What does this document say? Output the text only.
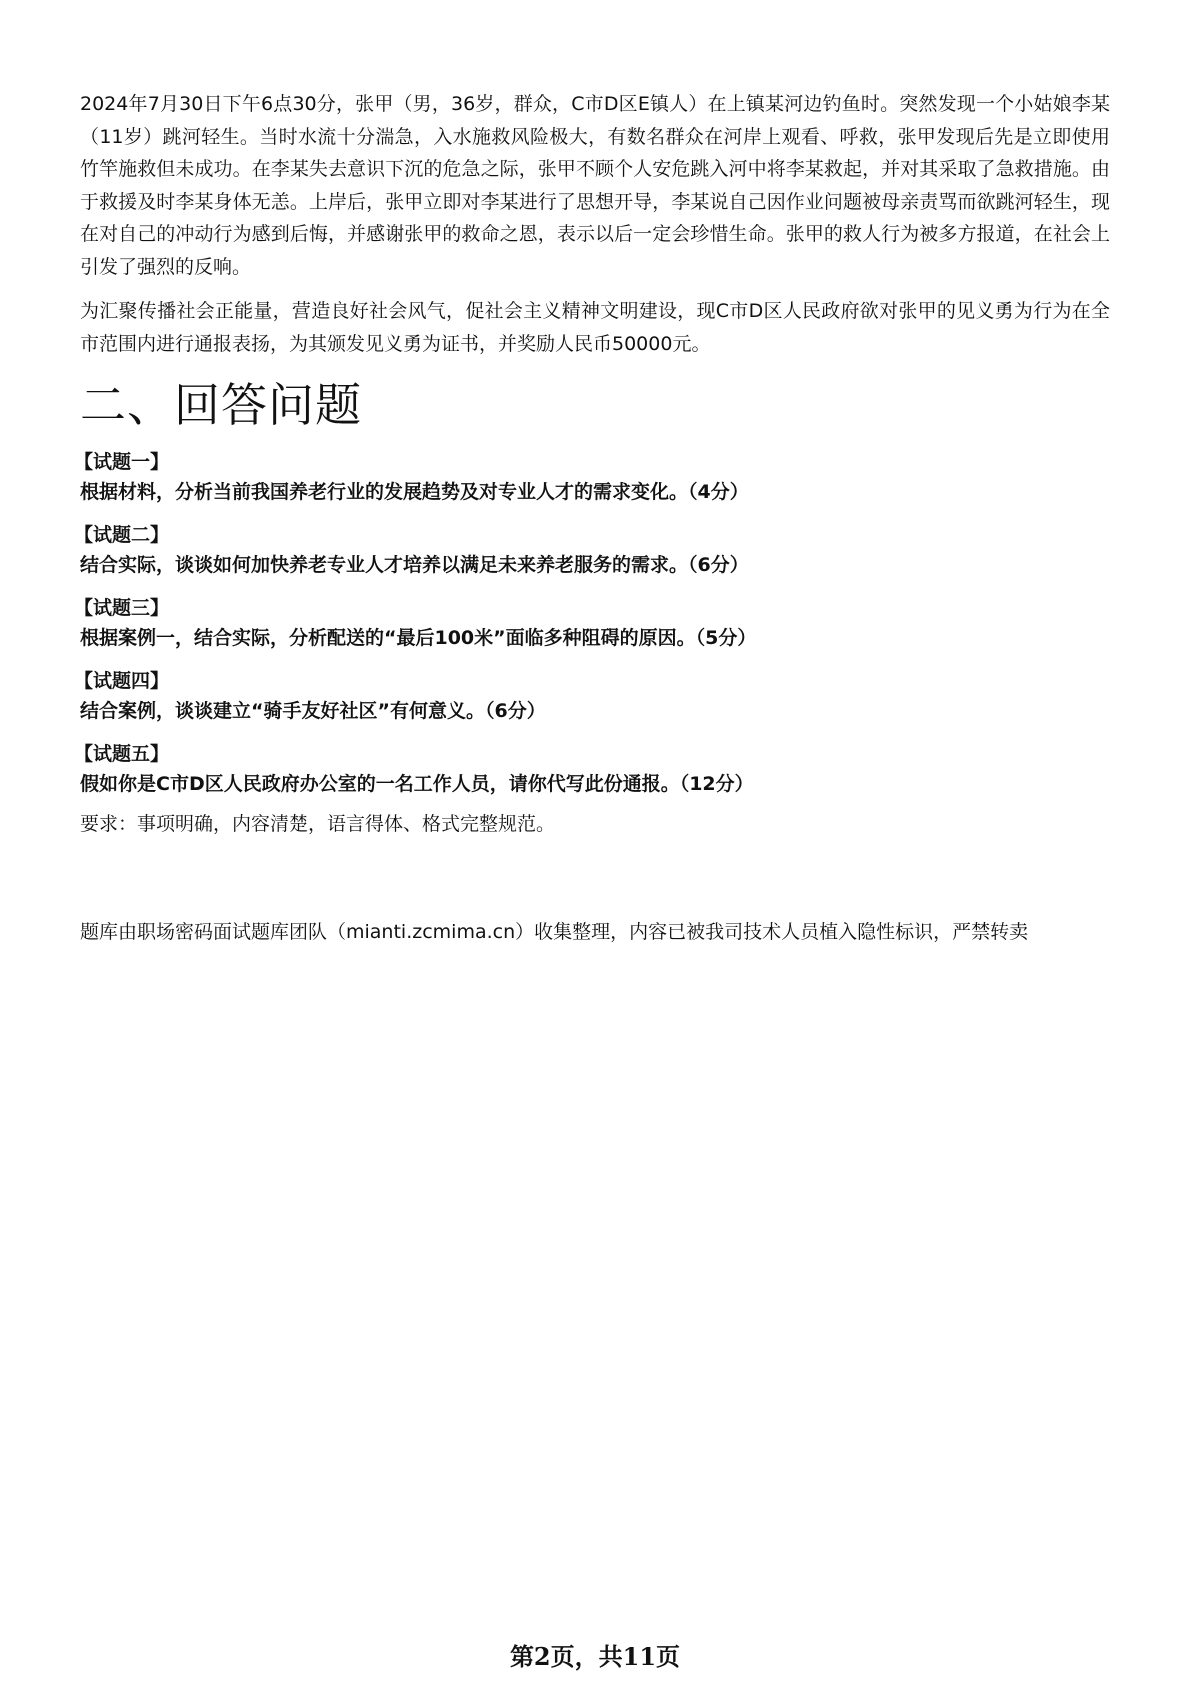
2024年7月30日下午6点30分，张甲（男，36岁，群众，C市D区E镇人）在上镇某河边钓鱼时。突然发现一个小姑娘李某（11岁）跳河轻生。当时水流十分湍急，入水施救风险极大，有数名群众在河岸上观看、呼救，张甲发现后先是立即使用竹竿施救但未成功。在李某失去意识下沉的危急之际，张甲不顾个人安危跳入河中将李某救起，并对其采取了急救措施。由于救援及时李某身体无恙。上岸后，张甲立即对李某进行了思想开导，李某说自己因作业问题被母亲责骂而欲跳河轻生，现在对自己的冲动行为感到后悔，并感谢张甲的救命之恩，表示以后一定会珍惜生命。张甲的救人行为被多方报道，在社会上引发了强烈的反响。

为汇聚传播社会正能量，营造良好社会风气，促社会主义精神文明建设，现C市D区人民政府欲对张甲的见义勇为行为在全市范围内进行通报表扬，为其颁发见义勇为证书，并奖励人民币50000元。

二、回答问题
【试题一】
根据材料，分析当前我国养老行业的发展趋势及对专业人才的需求变化。（4分）
【试题二】
结合实际，谈谈如何加快养老专业人才培养以满足未来养老服务的需求。（6分）
【试题三】
根据案例一，结合实际，分析配送的“最后100米”面临多种阻碍的原因。（5分）
【试题四】
结合案例，谈谈建立“骑手友好社区”有何意义。（6分）
【试题五】
假如你是C市D区人民政府办公室的一名工作人员，请你代写此份通报。（12分）

要求：事项明确，内容清楚，语言得体、格式完整规范。

题库由职场密码面试题库团队（mianti.zcmima.cn）收集整理，内容已被我司技术人员植入隐性标识，严禁转卖
第2页，共11页
